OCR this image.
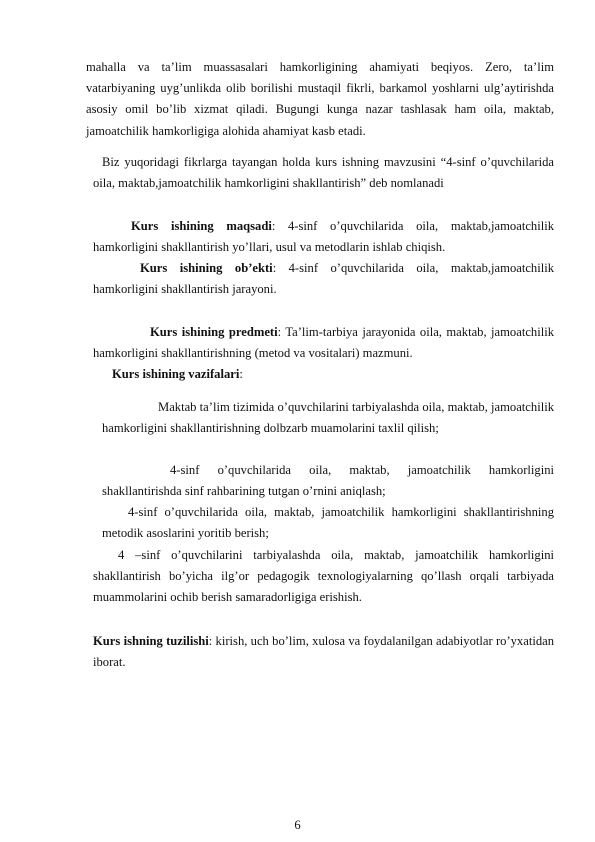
mahalla va ta’lim muassasalari hamkorligining ahamiyati beqiyos. Zero, ta’lim vatarbiyaning uyg’unlikda olib borilishi mustaqil fikrli, barkamol yoshlarni ulg’aytirishda asosiy omil bo’lib xizmat qiladi. Bugungi kunga nazar tashlasak ham oila, maktab, jamoatchilik hamkorligiga alohida ahamiyat kasb etadi.

Biz yuqoridagi fikrlarga tayangan holda kurs ishning mavzusini “4-sinf o’quvchilarida oila, maktab,jamoatchilik hamkorligini shakllantirish” deb nomlanadi

Kurs ishining maqsadi: 4-sinf o’quvchilarida oila, maktab,jamoatchilik hamkorligini shakllantirish yo’llari, usul va metodlarin ishlab chiqish.

Kurs ishining ob’ekti: 4-sinf o’quvchilarida oila, maktab,jamoatchilik hamkorligini shakllantirish jarayoni.

Kurs ishining predmeti: Ta’lim-tarbiya jarayonida oila, maktab, jamoatchilik hamkorligini shakllantirishning (metod va vositalari) mazmuni.

Kurs ishining vazifalari:

Maktab ta’lim tizimida o’quvchilarini tarbiyalashda oila, maktab, jamoatchilik hamkorligini shakllantirishning dolbzarb muamolarini taxlil qilish;

4-sinf o’quvchilarida oila, maktab, jamoatchilik hamkorligini shakllantirishda sinf rahbarining tutgan o’rnini aniqlash;

4-sinf o’quvchilarida oila, maktab, jamoatchilik hamkorligini shakllantirishning metodik asoslarini yoritib berish;

4 –sinf o’quvchilarini tarbiyalashda oila, maktab, jamoatchilik hamkorligini shakllantirish bo’yicha ilg’or pedagogik texnologiyalarning qo’llash orqali tarbiyada muammolarini ochib berish samaradorligiga erishish.

Kurs ishning tuzilishi: kirish, uch bo’lim, xulosa va foydalanilgan adabiyotlar ro’yxatidan iborat.

6
